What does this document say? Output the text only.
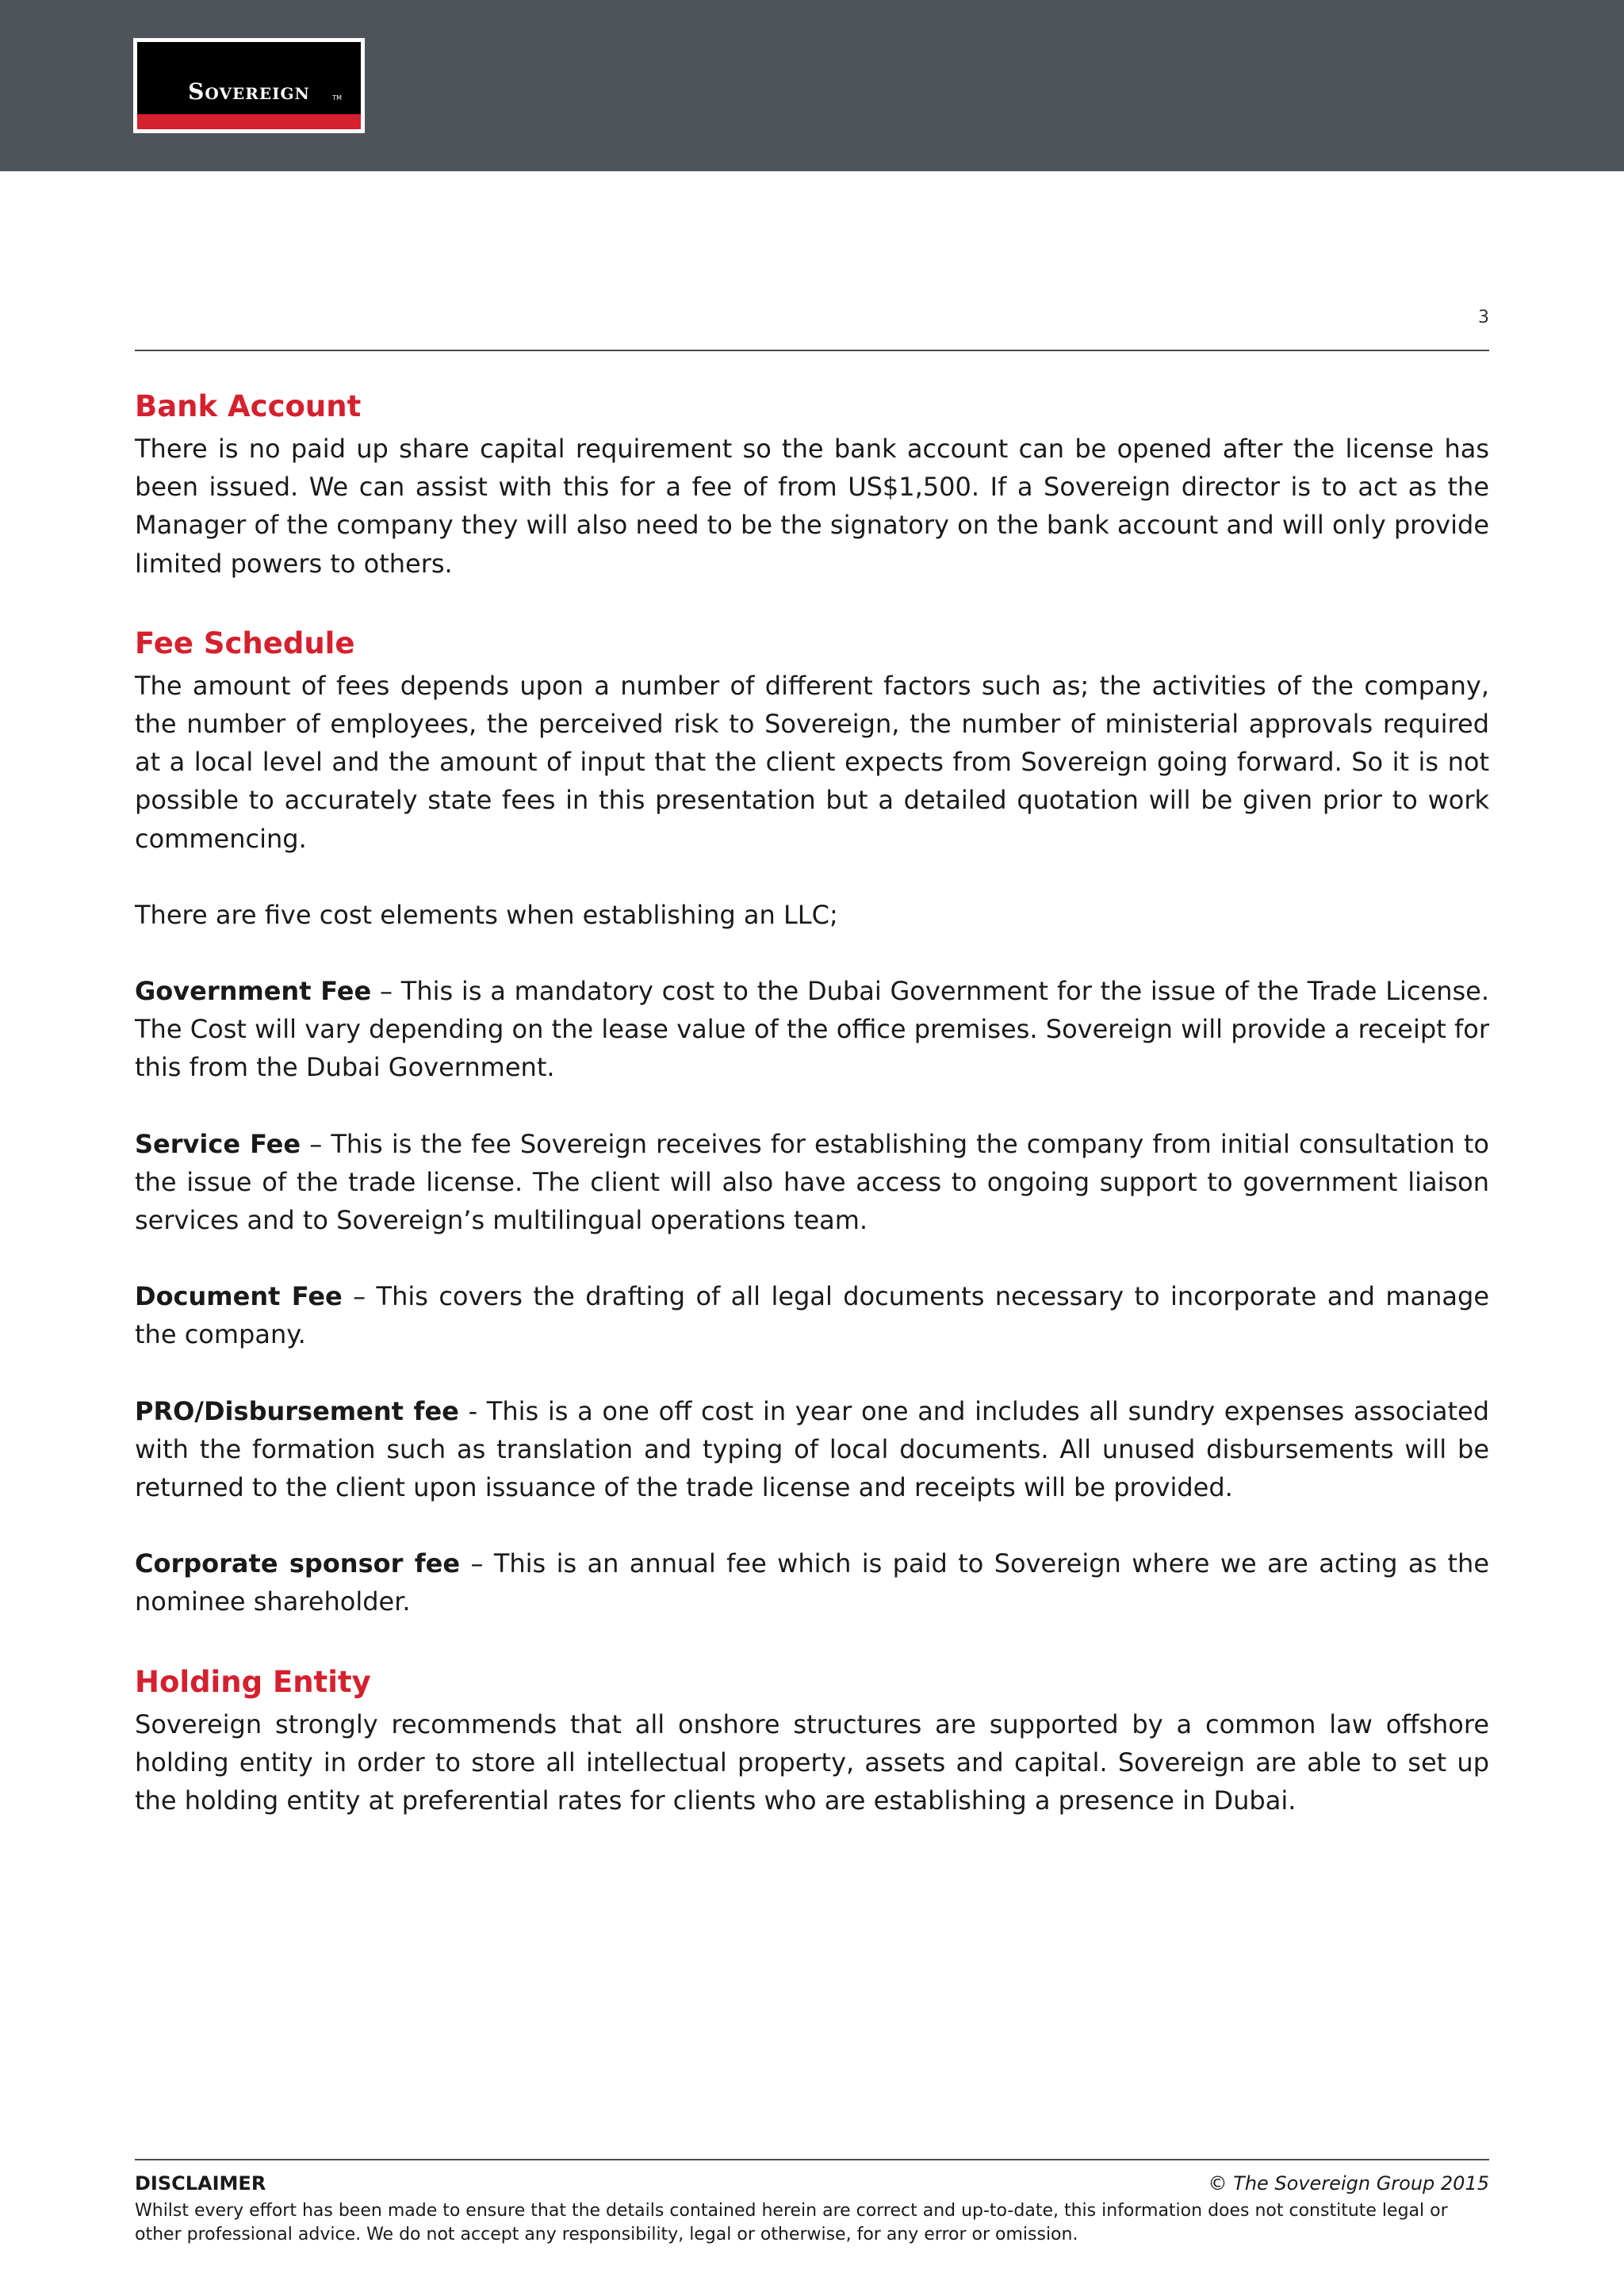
Sovereign	TM
3
Bank Account

There is no paid up share capital requirement so the bank account can be opened after the license has been issued. We can assist with this for a fee of from US$1,500. If a Sovereign director is to act as the Manager of the company they will also need to be the signatory on the bank account and will only provide limited powers to others.

Fee Schedule

The amount of fees depends upon a number of different factors such as; the activities of the company, the number of employees, the perceived risk to Sovereign, the number of ministerial approvals required at a local level and the amount of input that the client expects from Sovereign going forward. So it is not possible to accurately state fees in this presentation but a detailed quotation will be given prior to work commencing.

There are five cost elements when establishing an LLC;

Government Fee – This is a mandatory cost to the Dubai Government for the issue of the Trade License. The Cost will vary depending on the lease value of the office premises. Sovereign will provide a receipt for this from the Dubai Government.

Service Fee – This is the fee Sovereign receives for establishing the company from initial consultation to the issue of the trade license. The client will also have access to ongoing support to government liaison services and to Sovereign’s multilingual operations team.

Document Fee – This covers the drafting of all legal documents necessary to incorporate and manage the company.

PRO/Disbursement fee - This is a one off cost in year one and includes all sundry expenses associated with the formation such as translation and typing of local documents. All unused disbursements will be returned to the client upon issuance of the trade license and receipts will be provided.

Corporate sponsor fee – This is an annual fee which is paid to Sovereign where we are acting as the nominee shareholder.

Holding Entity

Sovereign strongly recommends that all onshore structures are supported by a common law offshore holding entity in order to store all intellectual property, assets and capital. Sovereign are able to set up the holding entity at preferential rates for clients who are establishing a presence in Dubai.

DISCLAIMER	© The Sovereign Group 2015
Whilst every effort has been made to ensure that the details contained herein are correct and up-to-date, this information does not constitute legal or other professional advice. We do not accept any responsibility, legal or otherwise, for any error or omission.
